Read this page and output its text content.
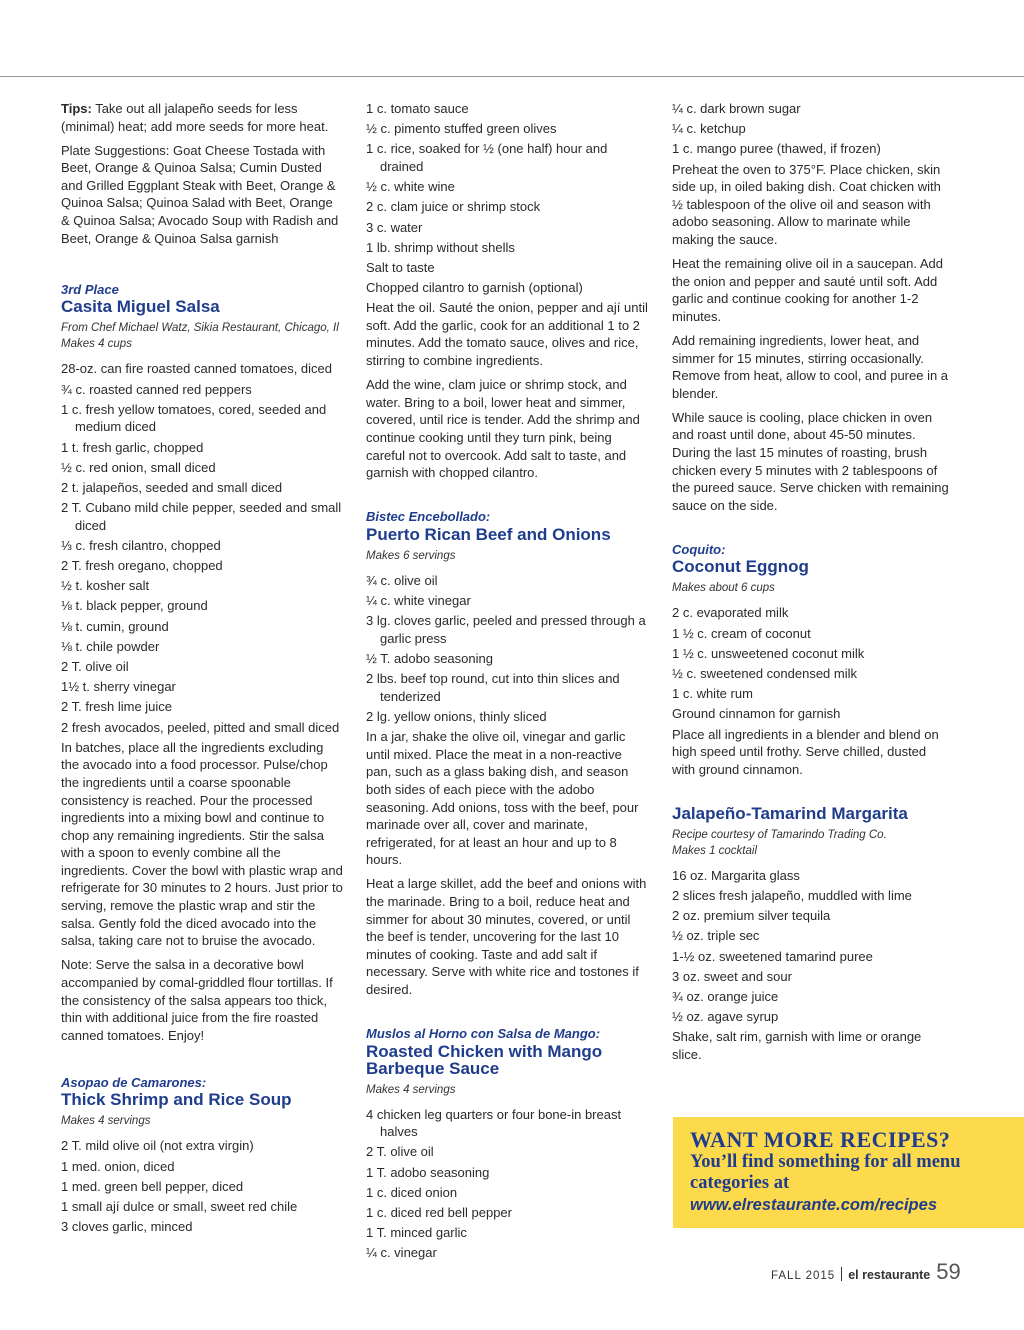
Tips: Take out all jalapeño seeds for less (minimal) heat; add more seeds for more heat.

Plate Suggestions: Goat Cheese Tostada with Beet, Orange & Quinoa Salsa; Cumin Dusted and Grilled Eggplant Steak with Beet, Orange & Quinoa Salsa; Quinoa Salad with Beet, Orange & Quinoa Salsa; Avocado Soup with Radish and Beet, Orange & Quinoa Salsa garnish

3rd Place

Casita Miguel Salsa

From Chef Michael Watz, Sikia Restaurant, Chicago, Il

Makes 4 cups

28-oz. can fire roasted canned tomatoes, diced

¾ c. roasted canned red peppers

1 c. fresh yellow tomatoes, cored, seeded and medium diced

1 t. fresh garlic, chopped

½ c. red onion, small diced

2 t. jalapeños, seeded and small diced

2 T. Cubano mild chile pepper, seeded and small diced

⅓ c. fresh cilantro, chopped

2 T. fresh oregano, chopped

½ t. kosher salt

⅛ t. black pepper, ground

⅛ t. cumin, ground

⅛ t. chile powder

2 T. olive oil

1½ t. sherry vinegar

2 T. fresh lime juice

2 fresh avocados, peeled, pitted and small diced

In batches, place all the ingredients excluding the avocado into a food processor. Pulse/chop the ingredients until a coarse spoonable consistency is reached. Pour the processed ingredients into a mixing bowl and continue to chop any remaining ingredients. Stir the salsa with a spoon to evenly combine all the ingredients. Cover the bowl with plastic wrap and refrigerate for 30 minutes to 2 hours. Just prior to serving, remove the plastic wrap and stir the salsa. Gently fold the diced avocado into the salsa, taking care not to bruise the avocado.

Note: Serve the salsa in a decorative bowl accompanied by comal-griddled flour tortillas. If the consistency of the salsa appears too thick, thin with additional juice from the fire roasted canned tomatoes. Enjoy!

Asopao de Camarones:

Thick Shrimp and Rice Soup

Makes 4 servings

2 T. mild olive oil (not extra virgin)

1 med. onion, diced

1 med. green bell pepper, diced

1 small ají dulce or small, sweet red chile

3 cloves garlic, minced

1 c. tomato sauce

½ c. pimento stuffed green olives

1 c. rice, soaked for ½ (one half) hour and drained

½ c. white wine

2 c. clam juice or shrimp stock

3 c. water

1 lb. shrimp without shells

Salt to taste

Chopped cilantro to garnish (optional)

Heat the oil. Sauté the onion, pepper and ají until soft. Add the garlic, cook for an additional 1 to 2 minutes. Add the tomato sauce, olives and rice, stirring to combine ingredients.

Add the wine, clam juice or shrimp stock, and water. Bring to a boil, lower heat and simmer, covered, until rice is tender. Add the shrimp and continue cooking until they turn pink, being careful not to overcook. Add salt to taste, and garnish with chopped cilantro.

Bistec Encebollado:

Puerto Rican Beef and Onions

Makes 6 servings

¾ c. olive oil

¼ c. white vinegar

3 lg. cloves garlic, peeled and pressed through a garlic press

½ T. adobo seasoning

2 lbs. beef top round, cut into thin slices and tenderized

2 lg. yellow onions, thinly sliced

In a jar, shake the olive oil, vinegar and garlic until mixed. Place the meat in a non-reactive pan, such as a glass baking dish, and season both sides of each piece with the adobo seasoning. Add onions, toss with the beef, pour marinade over all, cover and marinate, refrigerated, for at least an hour and up to 8 hours.

Heat a large skillet, add the beef and onions with the marinade. Bring to a boil, reduce heat and simmer for about 30 minutes, covered, or until the beef is tender, uncovering for the last 10 minutes of cooking. Taste and add salt if necessary. Serve with white rice and tostones if desired.

Muslos al Horno con Salsa de Mango:

Roasted Chicken with Mango Barbeque Sauce

Makes 4 servings

4 chicken leg quarters or four bone-in breast halves

2 T. olive oil

1 T. adobo seasoning

1 c. diced onion

1 c. diced red bell pepper

1 T. minced garlic

¼ c. vinegar

¼ c. dark brown sugar

¼ c. ketchup

1 c. mango puree (thawed, if frozen)

Preheat the oven to 375°F. Place chicken, skin side up, in oiled baking dish. Coat chicken with ½ tablespoon of the olive oil and season with adobo seasoning. Allow to marinate while making the sauce.

Heat the remaining olive oil in a saucepan. Add the onion and pepper and sauté until soft. Add garlic and continue cooking for another 1-2 minutes.

Add remaining ingredients, lower heat, and simmer for 15 minutes, stirring occasionally. Remove from heat, allow to cool, and puree in a blender.

While sauce is cooling, place chicken in oven and roast until done, about 45-50 minutes. During the last 15 minutes of roasting, brush chicken every 5 minutes with 2 tablespoons of the pureed sauce. Serve chicken with remaining sauce on the side.

Coquito:

Coconut Eggnog

Makes about 6 cups

2 c. evaporated milk

1 ½ c. cream of coconut

1 ½ c. unsweetened coconut milk

½ c. sweetened condensed milk

1 c. white rum

Ground cinnamon for garnish

Place all ingredients in a blender and blend on high speed until frothy. Serve chilled, dusted with ground cinnamon.

Jalapeño-Tamarind Margarita

Recipe courtesy of Tamarindo Trading Co.

Makes 1 cocktail

16 oz. Margarita glass

2 slices fresh jalapeño, muddled with lime

2 oz. premium silver tequila

½ oz. triple sec

1-½ oz. sweetened tamarind puree

3 oz. sweet and sour

¾ oz. orange juice

½ oz. agave syrup

Shake, salt rim, garnish with lime or orange slice.

WANT MORE RECIPES?

You’ll find something for all menu categories at

www.elrestaurante.com/recipes

FALL 2015 el restaurante 59
